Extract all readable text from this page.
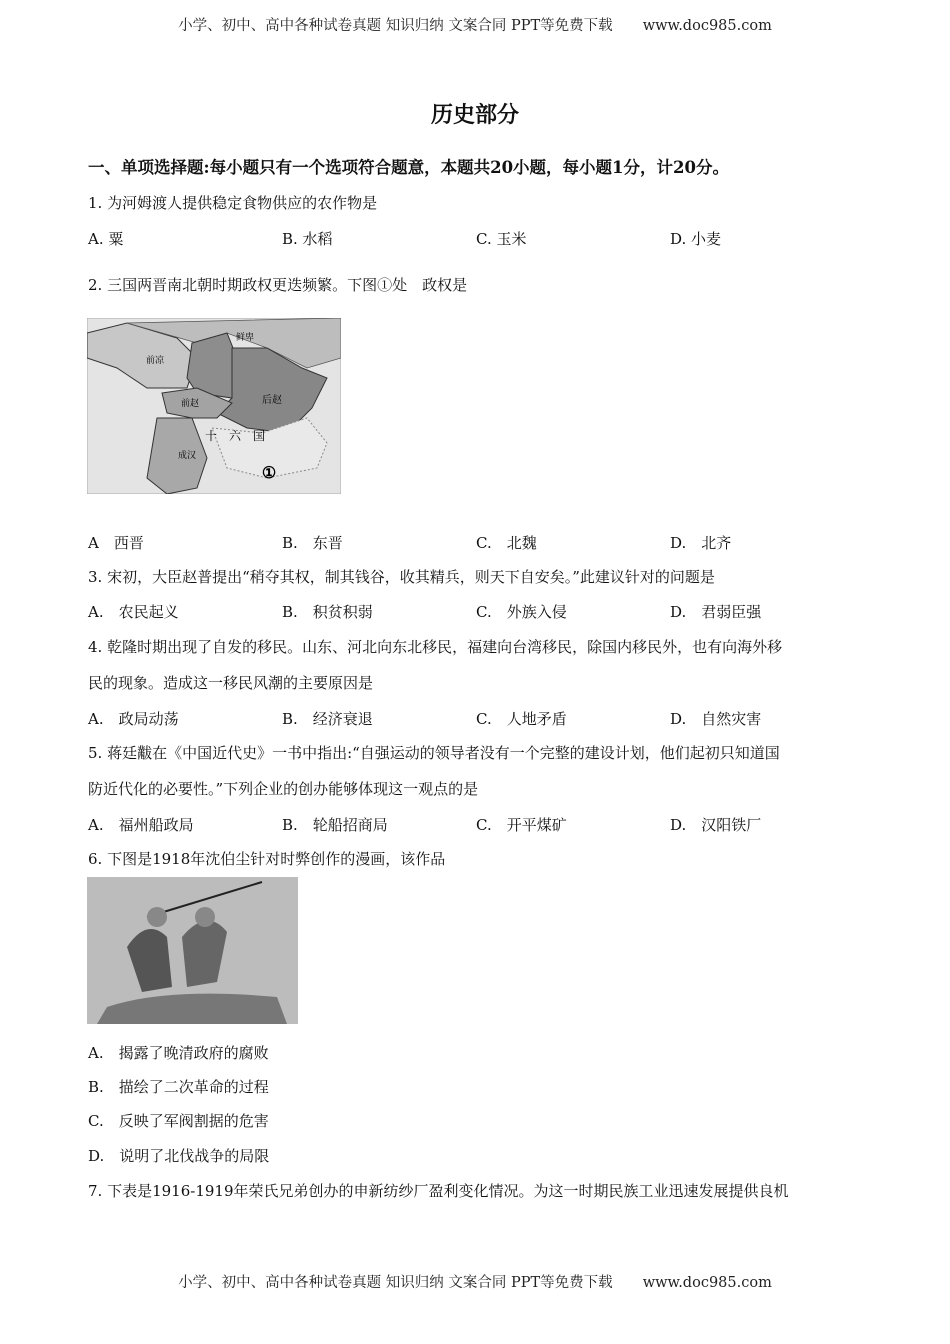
小学、初中、高中各种试卷真题 知识归纳 文案合同 PPT等免费下载 www.doc985.com
历史部分
一、单项选择题:每小题只有一个选项符合题意，本题共20小题，每小题1分，计20分。
1. 为河姆渡人提供稳定食物供应的农作物是
A. 粟	B. 水稻	C. 玉米	D. 小麦
2. 三国两晋南北朝时期政权更迭频繁。下图①处　政权是
鲜卑
前凉
前赵	后赵
成汉
十　六　国
①
A　西晋	B.　东晋	C.　北魏	D.　北齐
3. 宋初，大臣赵普提出“稍夺其权，制其钱谷，收其精兵，则天下自安矣。”此建议针对的问题是
A.　农民起义	B.　积贫积弱	C.　外族入侵	D.　君弱臣强
4. 乾隆时期出现了自发的移民。山东、河北向东北移民，福建向台湾移民，除国内移民外，也有向海外移
民的现象。造成这一移民风潮的主要原因是
A.　政局动荡	B.　经济衰退	C.　人地矛盾	D.　自然灾害
5. 蒋廷黻在《中国近代史》一书中指出:“自强运动的领导者没有一个完整的建设计划，他们起初只知道国
防近代化的必要性。”下列企业的创办能够体现这一观点的是
A.　福州船政局	B.　轮船招商局	C.　开平煤矿	D.　汉阳铁厂
6. 下图是1918年沈伯尘针对时弊创作的漫画，该作品
A.　揭露了晚清政府的腐败
B.　描绘了二次革命的过程
C.　反映了军阀割据的危害
D.　说明了北伐战争的局限
7. 下表是1916-1919年荣氏兄弟创办的申新纺纱厂盈利变化情况。为这一时期民族工业迅速发展提供良机
小学、初中、高中各种试卷真题 知识归纳 文案合同 PPT等免费下载 www.doc985.com
